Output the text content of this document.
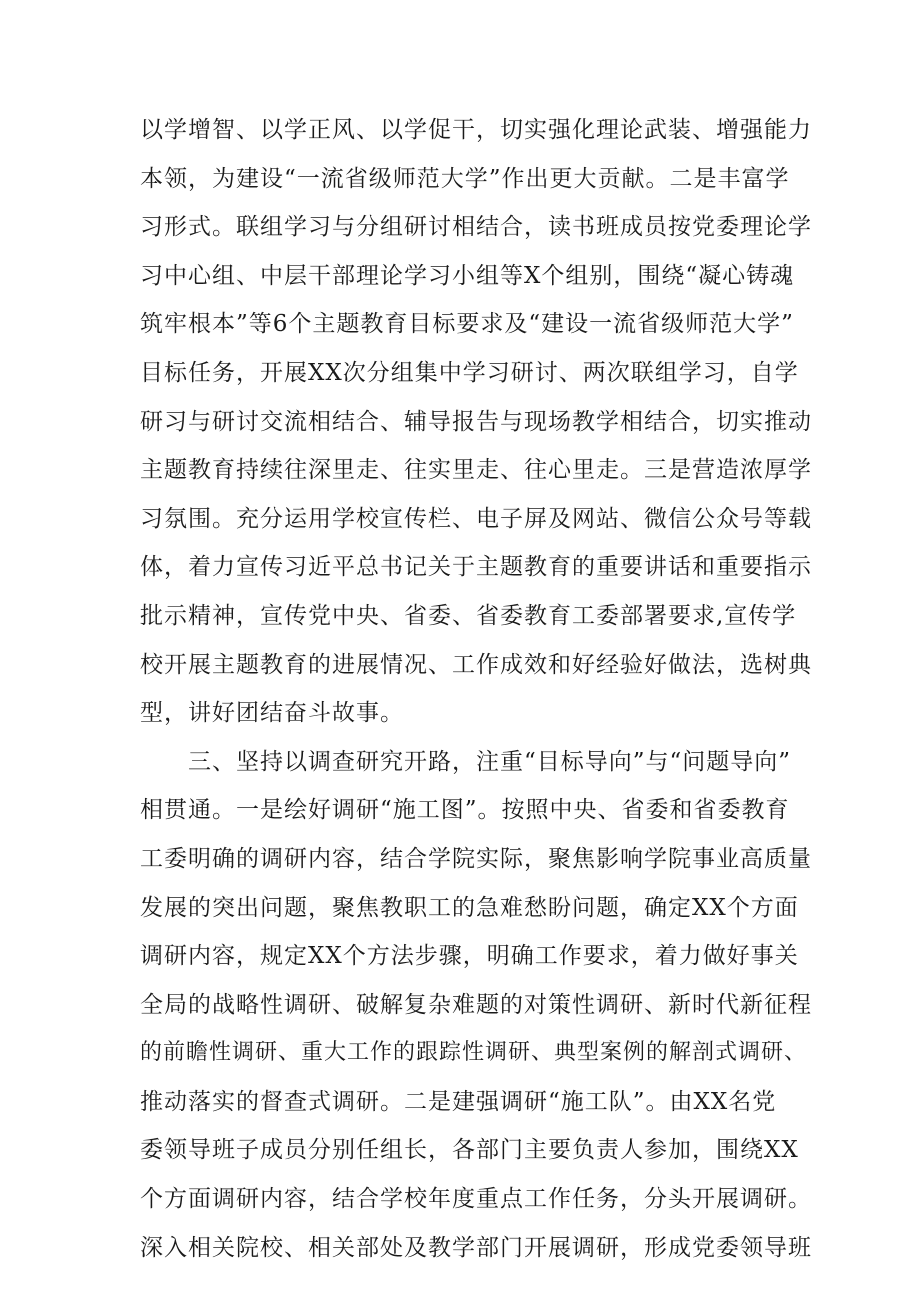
以学增智、以学正风、以学促干，切实强化理论武装、增强能力
本领，为建设“一流省级师范大学”作出更大贡献。二是丰富学
习形式。联组学习与分组研讨相结合，读书班成员按党委理论学
习中心组、中层干部理论学习小组等X个组别，围绕“凝心铸魂
筑牢根本”等6个主题教育目标要求及“建设一流省级师范大学”
目标任务，开展XX次分组集中学习研讨、两次联组学习，自学
研习与研讨交流相结合、辅导报告与现场教学相结合，切实推动
主题教育持续往深里走、往实里走、往心里走。三是营造浓厚学
习氛围。充分运用学校宣传栏、电子屏及网站、微信公众号等载
体，着力宣传习近平总书记关于主题教育的重要讲话和重要指示
批示精神，宣传党中央、省委、省委教育工委部署要求,宣传学
校开展主题教育的进展情况、工作成效和好经验好做法，选树典
型，讲好团结奋斗故事。
　　三、坚持以调查研究开路，注重“目标导向”与“问题导向”
相贯通。一是绘好调研“施工图”。按照中央、省委和省委教育
工委明确的调研内容，结合学院实际，聚焦影响学院事业高质量
发展的突出问题，聚焦教职工的急难愁盼问题，确定XX个方面
调研内容，规定XX个方法步骤，明确工作要求，着力做好事关
全局的战略性调研、破解复杂难题的对策性调研、新时代新征程
的前瞻性调研、重大工作的跟踪性调研、典型案例的解剖式调研、
推动落实的督查式调研。二是建强调研“施工队”。由XX名党
委领导班子成员分别任组长，各部门主要负责人参加，围绕XX
个方面调研内容，结合学校年度重点工作任务，分头开展调研。
深入相关院校、相关部处及教学部门开展调研，形成党委领导班
